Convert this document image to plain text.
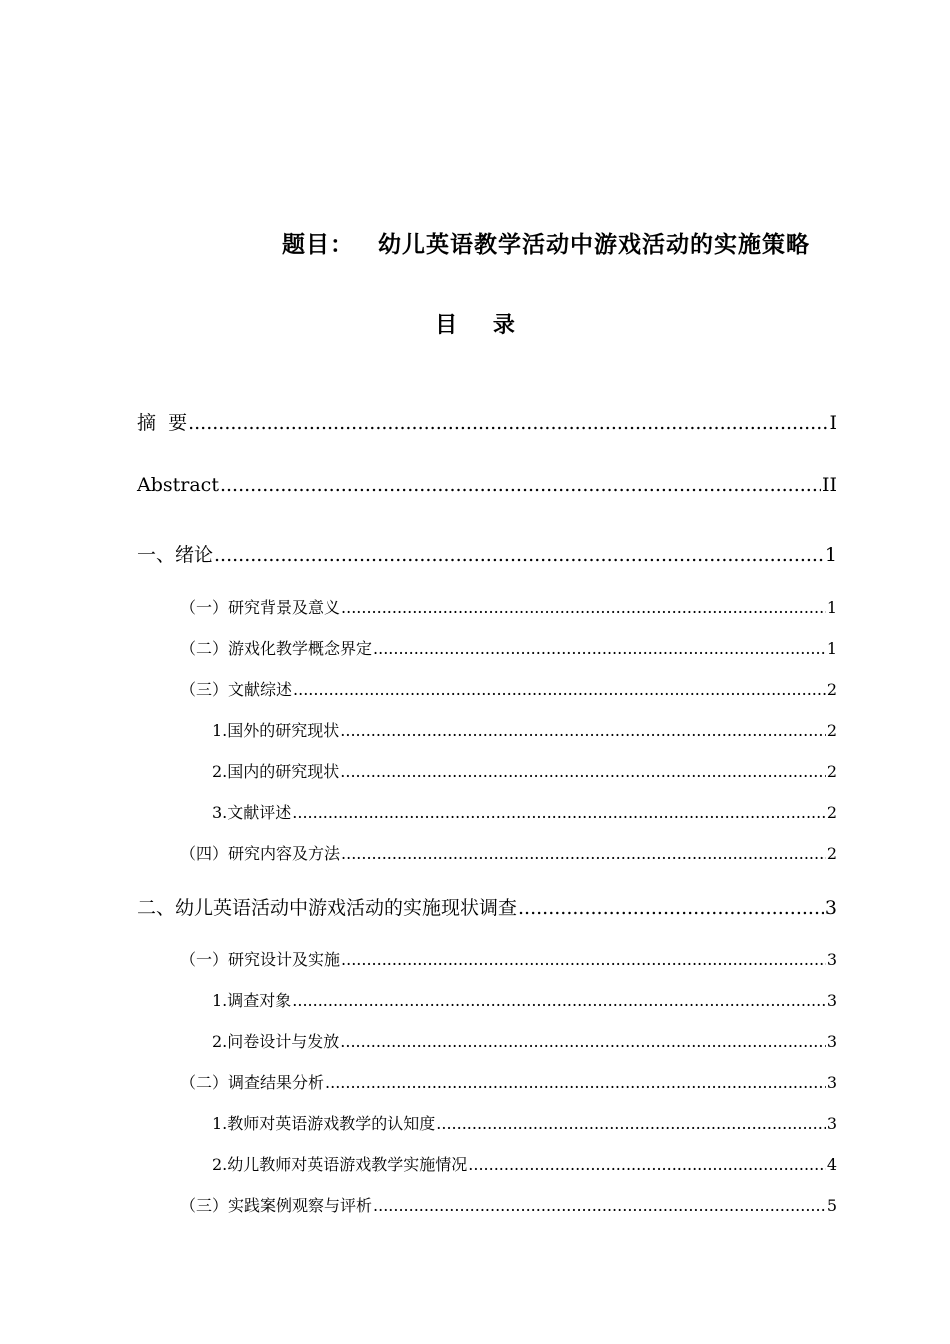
题目： 幼儿英语教学活动中游戏活动的实施策略
目 录
摘  要 .....	I
Abstract .....	II
一、绪论 .....	1
（一）研究背景及意义 .....	1
（二）游戏化教学概念界定 .....	1
（三）文献综述 .....	2
1.国外的研究现状 .....	2
2.国内的研究现状 .....	2
3.文献评述 .....	2
（四）研究内容及方法 .....	2
二、幼儿英语活动中游戏活动的实施现状调查 .....	3
（一）研究设计及实施 .....	3
1.调查对象 .....	3
2.问卷设计与发放 .....	3
（二）调查结果分析 .....	3
1.教师对英语游戏教学的认知度 .....	3
2.幼儿教师对英语游戏教学实施情况 .....	4
（三）实践案例观察与评析 .....	5
